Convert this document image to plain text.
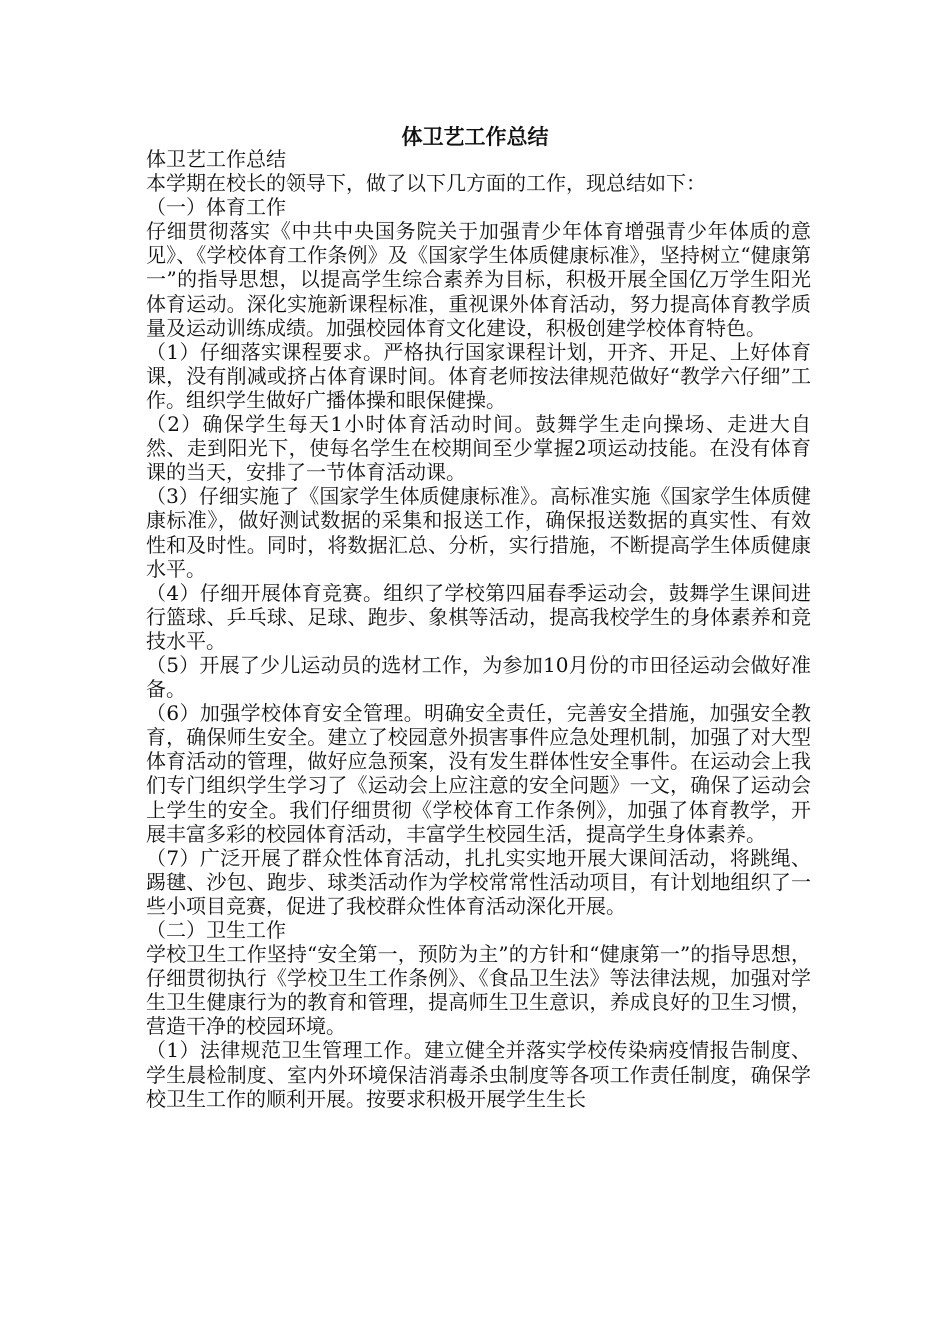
体卫艺工作总结

体卫艺工作总结

本学期在校长的领导下，做了以下几方面的工作，现总结如下：

（一）体育工作

仔细贯彻落实《中共中央国务院关于加强青少年体育增强青少年体质的意见》、《学校体育工作条例》及《国家学生体质健康标准》，坚持树立“健康第一”的指导思想，以提高学生综合素养为目标，积极开展全国亿万学生阳光体育运动。深化实施新课程标准，重视课外体育活动，努力提高体育教学质量及运动训练成绩。加强校园体育文化建设，积极创建学校体育特色。

（1）仔细落实课程要求。严格执行国家课程计划，开齐、开足、上好体育课，没有削减或挤占体育课时间。体育老师按法律规范做好“教学六仔细”工作。组织学生做好广播体操和眼保健操。

（2）确保学生每天1小时体育活动时间。鼓舞学生走向操场、走进大自然、走到阳光下，使每名学生在校期间至少掌握2项运动技能。在没有体育课的当天，安排了一节体育活动课。

（3）仔细实施了《国家学生体质健康标准》。高标准实施《国家学生体质健康标准》，做好测试数据的采集和报送工作，确保报送数据的真实性、有效性和及时性。同时，将数据汇总、分析，实行措施，不断提高学生体质健康水平。

（4）仔细开展体育竞赛。组织了学校第四届春季运动会，鼓舞学生课间进行篮球、乒乓球、足球、跑步、象棋等活动，提高我校学生的身体素养和竞技水平。

（5）开展了少儿运动员的选材工作，为参加10月份的市田径运动会做好准备。

（6）加强学校体育安全管理。明确安全责任，完善安全措施，加强安全教育，确保师生安全。建立了校园意外损害事件应急处理机制，加强了对大型体育活动的管理，做好应急预案，没有发生群体性安全事件。在运动会上我们专门组织学生学习了《运动会上应注意的安全问题》一文，确保了运动会上学生的安全。我们仔细贯彻《学校体育工作条例》，加强了体育教学，开展丰富多彩的校园体育活动，丰富学生校园生活，提高学生身体素养。

（7）广泛开展了群众性体育活动，扎扎实实地开展大课间活动，将跳绳、踢毽、沙包、跑步、球类活动作为学校常常性活动项目，有计划地组织了一些小项目竞赛，促进了我校群众性体育活动深化开展。

（二）卫生工作

学校卫生工作坚持“安全第一，预防为主”的方针和“健康第一”的指导思想，仔细贯彻执行《学校卫生工作条例》、《食品卫生法》等法律法规，加强对学生卫生健康行为的教育和管理，提高师生卫生意识，养成良好的卫生习惯，营造干净的校园环境。

（1）法律规范卫生管理工作。建立健全并落实学校传染病疫情报告制度、学生晨检制度、室内外环境保洁消毒杀虫制度等各项工作责任制度，确保学校卫生工作的顺利开展。按要求积极开展学生生长
